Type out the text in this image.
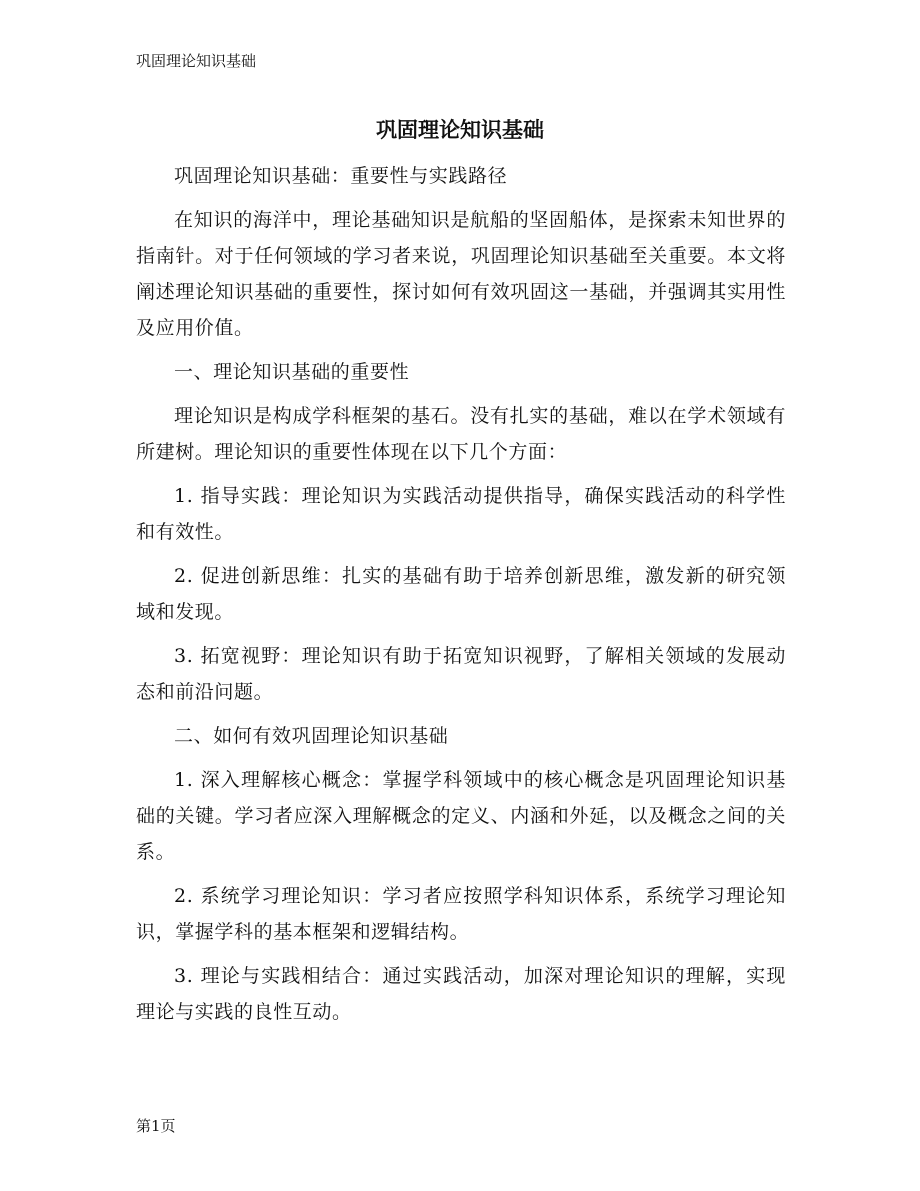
巩固理论知识基础
巩固理论知识基础

巩固理论知识基础：重要性与实践路径

在知识的海洋中，理论基础知识是航船的坚固船体，是探索未知世界的指南针。对于任何领域的学习者来说，巩固理论知识基础至关重要。本文将阐述理论知识基础的重要性，探讨如何有效巩固这一基础，并强调其实用性及应用价值。

一、理论知识基础的重要性

理论知识是构成学科框架的基石。没有扎实的基础，难以在学术领域有所建树。理论知识的重要性体现在以下几个方面：

1. 指导实践：理论知识为实践活动提供指导，确保实践活动的科学性和有效性。

2. 促进创新思维：扎实的基础有助于培养创新思维，激发新的研究领域和发现。

3. 拓宽视野：理论知识有助于拓宽知识视野，了解相关领域的发展动态和前沿问题。

二、如何有效巩固理论知识基础

1. 深入理解核心概念：掌握学科领域中的核心概念是巩固理论知识基础的关键。学习者应深入理解概念的定义、内涵和外延，以及概念之间的关系。

2. 系统学习理论知识：学习者应按照学科知识体系，系统学习理论知识，掌握学科的基本框架和逻辑结构。

3. 理论与实践相结合：通过实践活动，加深对理论知识的理解，实现理论与实践的良性互动。

第1页
